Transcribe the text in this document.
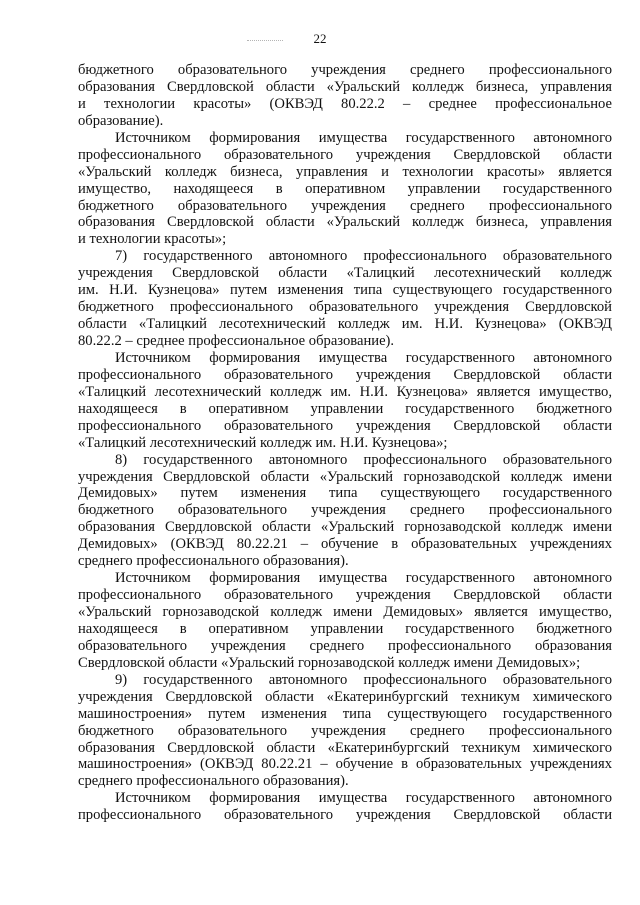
22
бюджетного образовательного учреждения среднего профессионального
образования Свердловской области «Уральский колледж бизнеса, управления
и технологии красоты» (ОКВЭД 80.22.2 – среднее профессиональное
образование).
Источником формирования имущества государственного автономного
профессионального образовательного учреждения Свердловской области
«Уральский колледж бизнеса, управления и технологии красоты» является
имущество, находящееся в оперативном управлении государственного
бюджетного образовательного учреждения среднего профессионального
образования Свердловской области «Уральский колледж бизнеса, управления
и технологии красоты»;
7) государственного автономного профессионального образовательного
учреждения Свердловской области «Талицкий лесотехнический колледж
им. Н.И. Кузнецова» путем изменения типа существующего государственного
бюджетного профессионального образовательного учреждения Свердловской
области «Талицкий лесотехнический колледж им. Н.И. Кузнецова» (ОКВЭД
80.22.2 – среднее профессиональное образование).
Источником формирования имущества государственного автономного
профессионального образовательного учреждения Свердловской области
«Талицкий лесотехнический колледж им. Н.И. Кузнецова» является имущество,
находящееся в оперативном управлении государственного бюджетного
профессионального образовательного учреждения Свердловской области
«Талицкий лесотехнический колледж им. Н.И. Кузнецова»;
8) государственного автономного профессионального образовательного
учреждения Свердловской области «Уральский горнозаводской колледж имени
Демидовых» путем изменения типа существующего государственного
бюджетного образовательного учреждения среднего профессионального
образования Свердловской области «Уральский горнозаводской колледж имени
Демидовых» (ОКВЭД 80.22.21 – обучение в образовательных учреждениях
среднего профессионального образования).
Источником формирования имущества государственного автономного
профессионального образовательного учреждения Свердловской области
«Уральский горнозаводской колледж имени Демидовых» является имущество,
находящееся в оперативном управлении государственного бюджетного
образовательного учреждения среднего профессионального образования
Свердловской области «Уральский горнозаводской колледж имени Демидовых»;
9) государственного автономного профессионального образовательного
учреждения Свердловской области «Екатеринбургский техникум химического
машиностроения» путем изменения типа существующего государственного
бюджетного образовательного учреждения среднего профессионального
образования Свердловской области «Екатеринбургский техникум химического
машиностроения» (ОКВЭД 80.22.21 – обучение в образовательных учреждениях
среднего профессионального образования).
Источником формирования имущества государственного автономного
профессионального образовательного учреждения Свердловской области
